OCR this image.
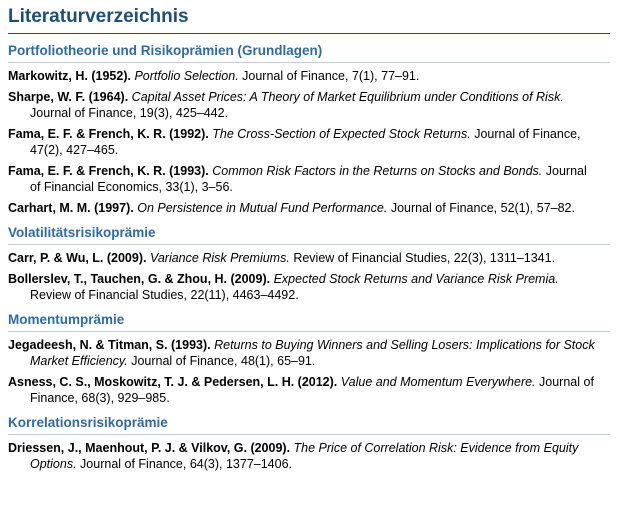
Literaturverzeichnis
Portfoliotheorie und Risikoprämien (Grundlagen)
Markowitz, H. (1952). Portfolio Selection. Journal of Finance, 7(1), 77–91.
Sharpe, W. F. (1964). Capital Asset Prices: A Theory of Market Equilibrium under Conditions of Risk. Journal of Finance, 19(3), 425–442.
Fama, E. F. & French, K. R. (1992). The Cross-Section of Expected Stock Returns. Journal of Finance, 47(2), 427–465.
Fama, E. F. & French, K. R. (1993). Common Risk Factors in the Returns on Stocks and Bonds. Journal of Financial Economics, 33(1), 3–56.
Carhart, M. M. (1997). On Persistence in Mutual Fund Performance. Journal of Finance, 52(1), 57–82.
Volatilitätsrisikoprämie
Carr, P. & Wu, L. (2009). Variance Risk Premiums. Review of Financial Studies, 22(3), 1311–1341.
Bollerslev, T., Tauchen, G. & Zhou, H. (2009). Expected Stock Returns and Variance Risk Premia. Review of Financial Studies, 22(11), 4463–4492.
Momentumprämie
Jegadeesh, N. & Titman, S. (1993). Returns to Buying Winners and Selling Losers: Implications for Stock Market Efficiency. Journal of Finance, 48(1), 65–91.
Asness, C. S., Moskowitz, T. J. & Pedersen, L. H. (2012). Value and Momentum Everywhere. Journal of Finance, 68(3), 929–985.
Korrelationsrisikoprämie
Driessen, J., Maenhout, P. J. & Vilkov, G. (2009). The Price of Correlation Risk: Evidence from Equity Options. Journal of Finance, 64(3), 1377–1406.
